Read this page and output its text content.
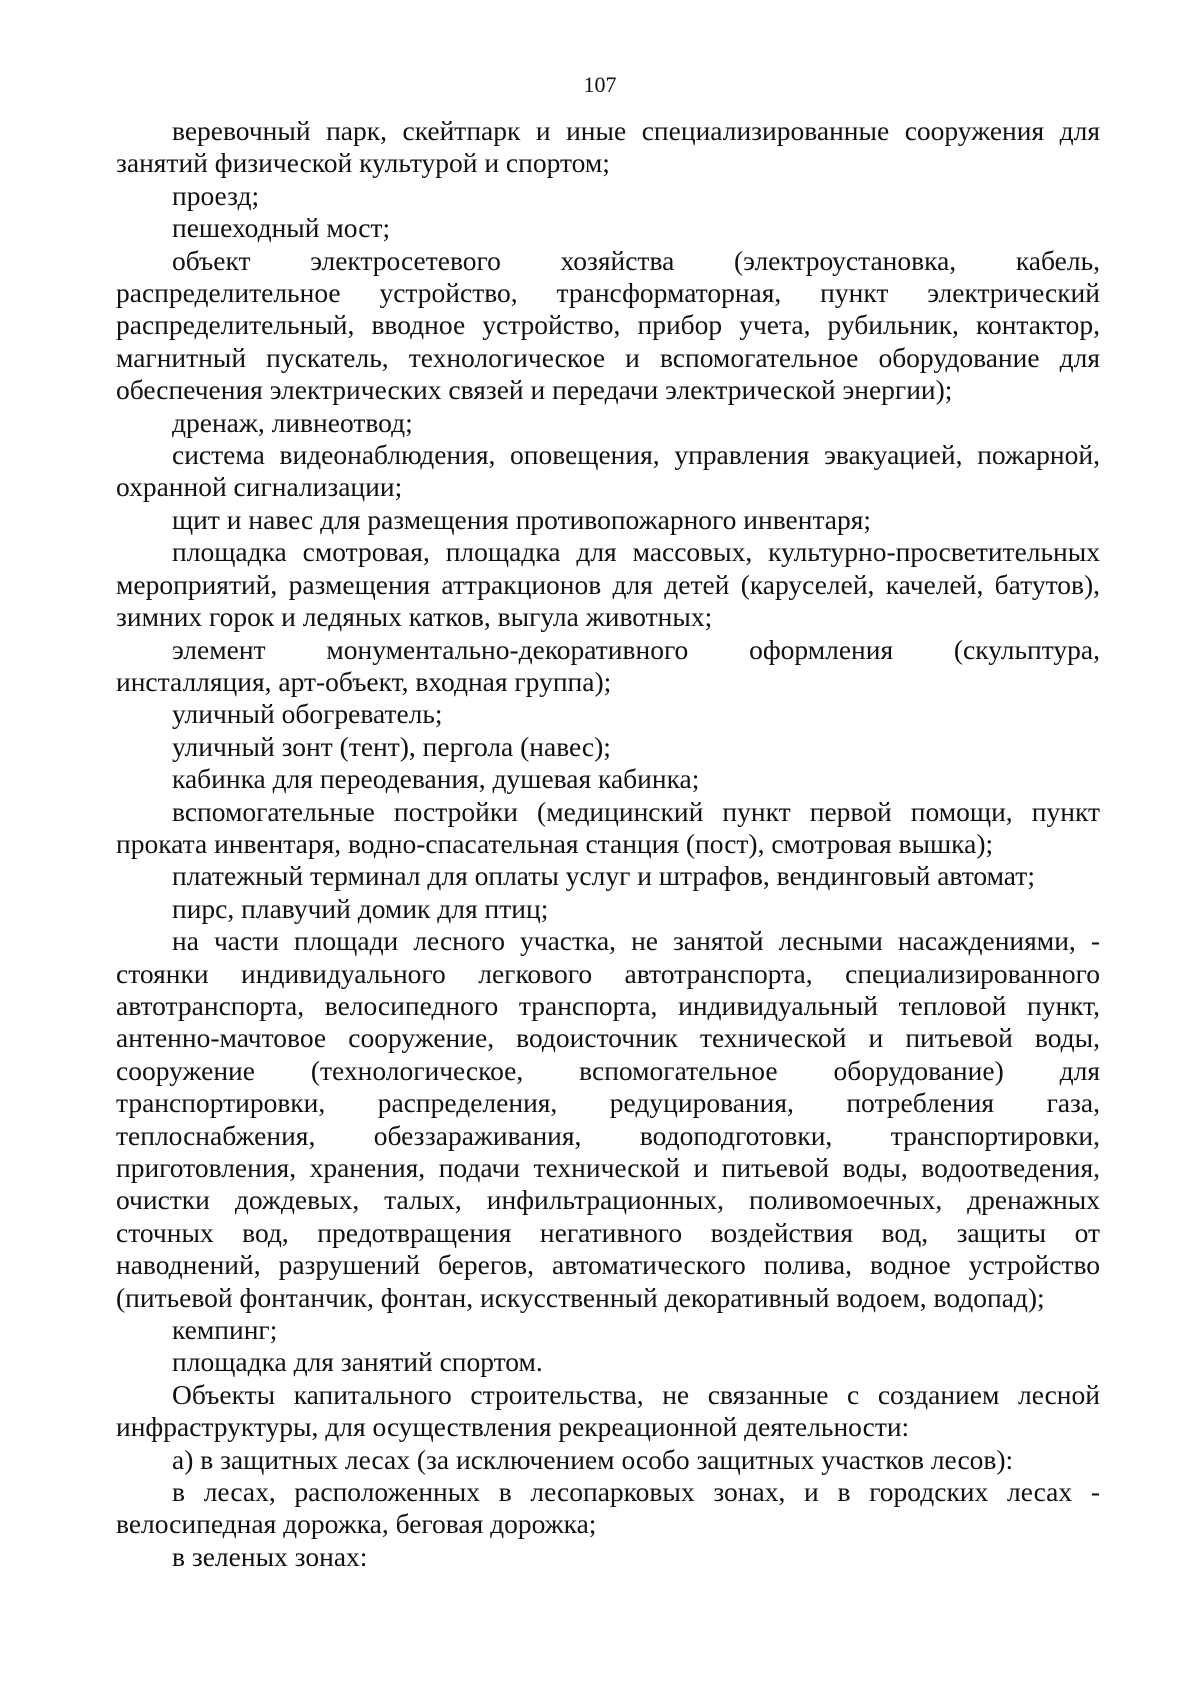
107

веревочный парк, скейтпарк и иные специализированные сооружения для занятий физической культурой и спортом;

проезд;

пешеходный мост;

объект электросетевого хозяйства (электроустановка, кабель, распределительное устройство, трансформаторная, пункт электрический распределительный, вводное устройство, прибор учета, рубильник, контактор, магнитный пускатель, технологическое и вспомогательное оборудование для обеспечения электрических связей и передачи электрической энергии);

дренаж, ливнеотвод;

система видеонаблюдения, оповещения, управления эвакуацией, пожарной, охранной сигнализации;

щит и навес для размещения противопожарного инвентаря;

площадка смотровая, площадка для массовых, культурно-просветительных мероприятий, размещения аттракционов для детей (каруселей, качелей, батутов), зимних горок и ледяных катков, выгула животных;

элемент монументально-декоративного оформления (скульптура, инсталляция, арт-объект, входная группа);

уличный обогреватель;

уличный зонт (тент), пергола (навес);

кабинка для переодевания, душевая кабинка;

вспомогательные постройки (медицинский пункт первой помощи, пункт проката инвентаря, водно-спасательная станция (пост), смотровая вышка);

платежный терминал для оплаты услуг и штрафов, вендинговый автомат;

пирс, плавучий домик для птиц;

на части площади лесного участка, не занятой лесными насаждениями, - стоянки индивидуального легкового автотранспорта, специализированного автотранспорта, велосипедного транспорта, индивидуальный тепловой пункт, антенно-мачтовое сооружение, водоисточник технической и питьевой воды, сооружение (технологическое, вспомогательное оборудование) для транспортировки, распределения, редуцирования, потребления газа, теплоснабжения, обеззараживания, водоподготовки, транспортировки, приготовления, хранения, подачи технической и питьевой воды, водоотведения, очистки дождевых, талых, инфильтрационных, поливомоечных, дренажных сточных вод, предотвращения негативного воздействия вод, защиты от наводнений, разрушений берегов, автоматического полива, водное устройство (питьевой фонтанчик, фонтан, искусственный декоративный водоем, водопад);

кемпинг;

площадка для занятий спортом.

Объекты капитального строительства, не связанные с созданием лесной инфраструктуры, для осуществления рекреационной деятельности:

а) в защитных лесах (за исключением особо защитных участков лесов):

в лесах, расположенных в лесопарковых зонах, и в городских лесах - велосипедная дорожка, беговая дорожка;

в зеленых зонах:
